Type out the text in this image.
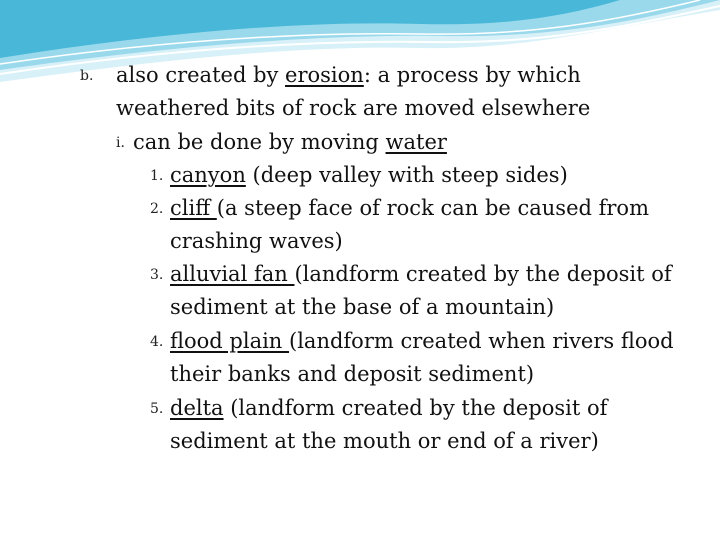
b. also created by erosion: a process by which
weathered bits of rock are moved elsewhere
i. can be done by moving water
1. canyon (deep valley with steep sides)
2. cliff (a steep face of rock can be caused from
crashing waves)
3. alluvial fan (landform created by the deposit of
sediment at the base of a mountain)
4. flood plain (landform created when rivers flood
their banks and deposit sediment)
5. delta (landform created by the deposit of
sediment at the mouth or end of a river)
